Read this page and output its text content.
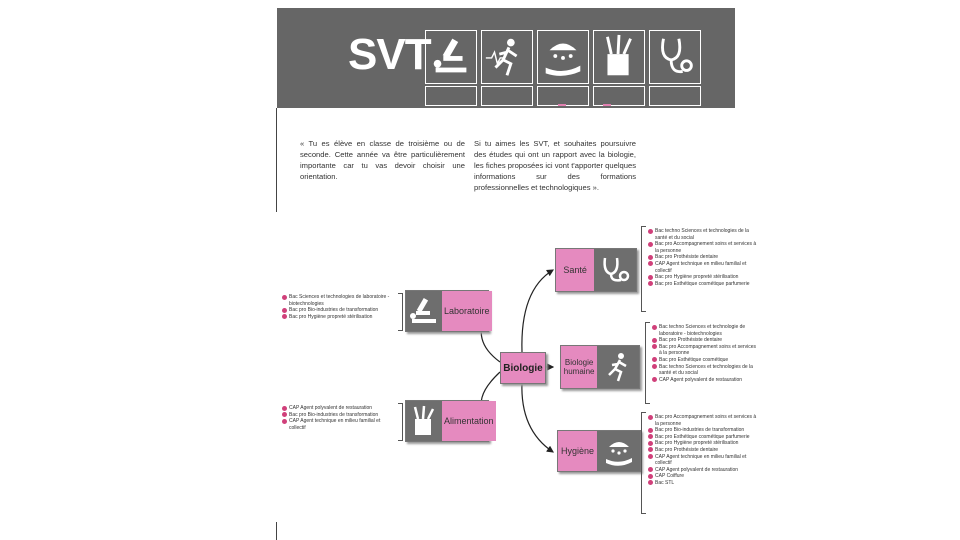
SVT
« Tu es élève en classe de troisième ou de seconde. Cette année va être particulièrement importante car tu vas devoir choisir une orientation.
Si tu aimes les SVT, et souhaites poursuivre des études qui ont un rapport avec la biologie, les fiches proposées ici vont t'apporter quelques informations sur des formations professionnelles et technologiques ».
Biologie
Laboratoire
Alimentation
Santé
Biologie humaine
Hygiène
Bac Sciences et technologies de laboratoire - biotechnologies
Bac pro Bio-industries de transformation
Bac pro Hygiène propreté stérilisation
CAP Agent polyvalent de restauration
Bac pro Bio-industries de transformation
CAP Agent technique en milieu familial et collectif
Bac techno Sciences et technologies de la santé et du social
Bac pro Accompagnement soins et services à la personne
Bac pro Prothésiste dentaire
CAP Agent technique en milieu familial et collectif
Bac pro Hygiène propreté stérilisation
Bac pro Esthétique cosmétique parfumerie
Bac techno Sciences et technologie de laboratoire - biotechnologies
Bac pro Prothésiste dentaire
Bac pro Accompagnement soins et services à la personne
Bac pro Esthétique cosmétique
Bac techno Sciences et technologies de la santé et du social
CAP Agent polyvalent de restauration
Bac pro Accompagnement soins et services à la personne
Bac pro Bio-industries de transformation
Bac pro Esthétique cosmétique parfumerie
Bac pro Hygiène propreté stérilisation
Bac pro Prothésiste dentaire
CAP Agent technique en milieu familial et collectif
CAP Agent polyvalent de restauration
CAP Coiffure
Bac STL
